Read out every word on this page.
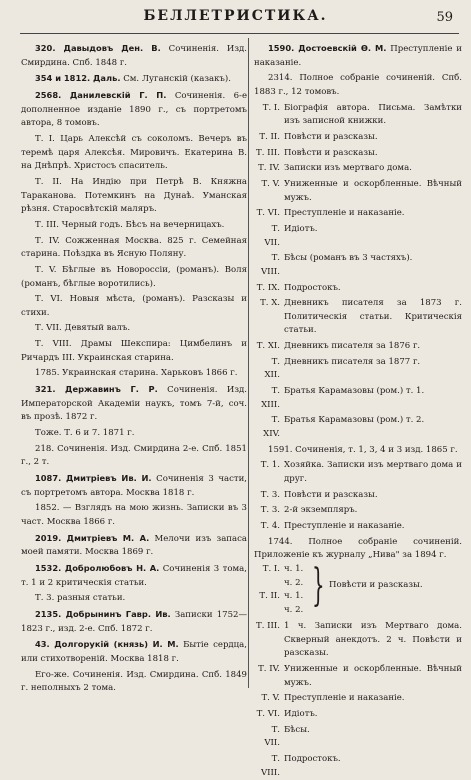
БЕЛЛЕТРИСТИКА.	59
320. Давыдовъ Ден. В. Сочиненія. Изд. Смирдина. Спб. 1848 г.
354 и 1812. Даль. См. Луганскій (казакъ).
2568. Данилевскій Г. П. Сочиненія. 6-е дополненное изданіе 1890 г., съ портретомъ автора, 8 томовъ.
Т. I. Царь Алексѣй съ соколомъ. Вечеръ въ теремѣ царя Алексѣя. Мировичъ. Екатерина В. на Днѣпрѣ. Христосъ спаситель.
Т. II. На Индію при Петрѣ В. Княжна Тараканова. Потемкинъ на Дунаѣ. Уманская рѣзня. Старосвѣтскій маляръ.
Т. III. Черный годъ. Бѣсъ на вечерницахъ.
Т. IV. Сожженная Москва. 825 г. Семейная старина. Поѣздка въ Ясную Поляну.
Т. V. Бѣглые въ Новороссіи, (романъ). Воля (романъ, бѣглые воротились).
Т. VI. Новыя мѣста, (романъ). Разсказы и стихи.
Т. VII. Девятый валъ.
Т. VIII. Драмы Шекспира: Цимбелинъ и Ричардъ III. Украинская старина.
1785. Украинская старина. Харьковъ 1866 г.
321. Державинъ Г. Р. Сочиненія. Изд. Императорской Академіи наукъ, томъ 7-й, соч. въ прозѣ. 1872 г.
Тоже. Т. 6 и 7. 1871 г.
218. Сочиненія. Изд. Смирдина 2-е. Спб. 1851 г., 2 т.
1087. Дмитріевъ Ив. И. Сочиненія 3 части, съ портретомъ автора. Москва 1818 г.
1852. — Взглядъ на мою жизнь. Записки въ 3 част. Москва 1866 г.
2019. Дмитріевъ М. А. Мелочи изъ запаса моей памяти. Москва 1869 г.
1532. Добролюбовъ Н. А. Сочиненія 3 тома, т. 1 и 2 критическія статьи.
Т. 3. разныя статьи.
2135. Добрынинъ Гавр. Ив. Записки 1752—1823 г., изд. 2-е. Спб. 1872 г.
43. Долгорукій (князь) И. М. Бытіе сердца, или стихотвореній. Москва 1818 г.
Его-же. Сочиненія. Изд. Смирдина. Спб. 1849 г. неполныхъ 2 тома.
1590. Достоевскій Ѳ. М. Преступленіе и наказаніе.
2314. Полное собраніе сочиненій. Спб. 1883 г., 12 томовъ.
Т. I. Біографія автора. Письма. Замѣтки изъ записной книжки.
Т. II. Повѣсти и разсказы.
Т. III. Повѣсти и разсказы.
Т. IV. Записки изъ мертваго дома.
Т. V. Униженные и оскорбленные. Вѣчный мужъ.
Т. VI. Преступленіе и наказаніе.
Т. VII.
Идіотъ.
Т. VIII.
Бѣсы (романъ въ 3 частяхъ).
Т. IX. Подростокъ.
Т. X. Дневникъ писателя за 1873 г. Политическія статьи. Критическія статьи.
Т. XI. Дневникъ писателя за 1876 г.
Т. XII.
Дневникъ писателя за 1877 г.
Т. XIII.
Братья Карамазовы (ром.) т. 1.
Т. XIV.
Братья Карамазовы (ром.) т. 2.
1591. Сочиненія, т. 1, 3, 4 и 3 изд. 1865 г.
Т. 1. Хозяйка. Записки изъ мертваго дома и друг.
Т. 3. Повѣсти и разсказы.
Т. 3. 2-й экземпляръ.
Т. 4. Преступленіе и наказаніе.
1744. Полное собраніе сочиненій. Приложеніе къ журналу „Нива" за 1894 г.
Т. I. ч. 1.
ч. 2.
Т. II. ч. 1.
ч. 2. } Повѣсти и разсказы.
Т. III. 1 ч. Записки изъ Мертваго дома. Скверный анекдотъ. 2 ч. Повѣсти и разсказы.
Т. IV. Униженные и оскорбленные. Вѣчный мужъ.
Т. V. Преступленіе и наказаніе.
Т. VI. Идіотъ.
Т. VII.
Бѣсы.
Т. VIII.
Подростокъ.
